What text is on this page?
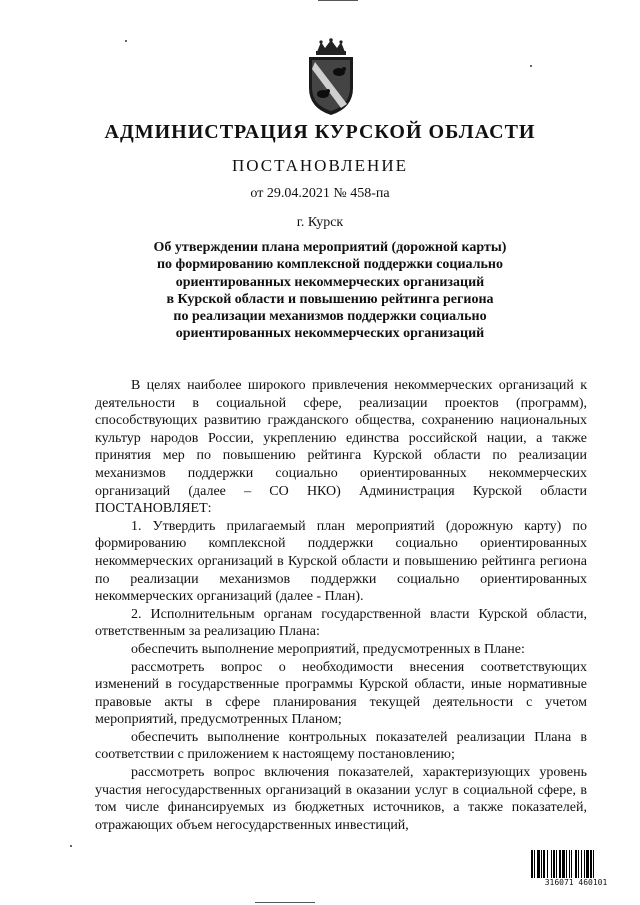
АДМИНИСТРАЦИЯ КУРСКОЙ ОБЛАСТИ
ПОСТАНОВЛЕНИЕ
от 29.04.2021 № 458-па
г. Курск
Об утверждении плана мероприятий (дорожной карты)
по формированию комплексной поддержки социально
ориентированных некоммерческих организаций
в Курской области и повышению рейтинга региона
по реализации механизмов поддержки социально
ориентированных некоммерческих организаций

В целях наиболее широкого привлечения некоммерческих организаций к деятельности в социальной сфере, реализации проектов (программ), способствующих развитию гражданского общества, сохранению национальных культур народов России, укреплению единства российской нации, а также принятия мер по повышению рейтинга Курской области по реализации механизмов поддержки социально ориентированных некоммерческих организаций (далее – СО НКО) Администрация Курской области ПОСТАНОВЛЯЕТ:

1. Утвердить прилагаемый план мероприятий (дорожную карту) по формированию комплексной поддержки социально ориентированных некоммерческих организаций в Курской области и повышению рейтинга региона по реализации механизмов поддержки социально ориентированных некоммерческих организаций (далее - План).

2. Исполнительным органам государственной власти Курской области, ответственным за реализацию Плана:

обеспечить выполнение мероприятий, предусмотренных в Плане:

рассмотреть вопрос о необходимости внесения соответствующих изменений в государственные программы Курской области, иные нормативные правовые акты в сфере планирования текущей деятельности с учетом мероприятий, предусмотренных Планом;

обеспечить выполнение контрольных показателей реализации Плана в соответствии с приложением к настоящему постановлению;

рассмотреть вопрос включения показателей, характеризующих уровень участия негосударственных организаций в оказании услуг в социальной сфере, в том числе финансируемых из бюджетных источников, а также показателей, отражающих объем негосударственных инвестиций,

316071 460101
